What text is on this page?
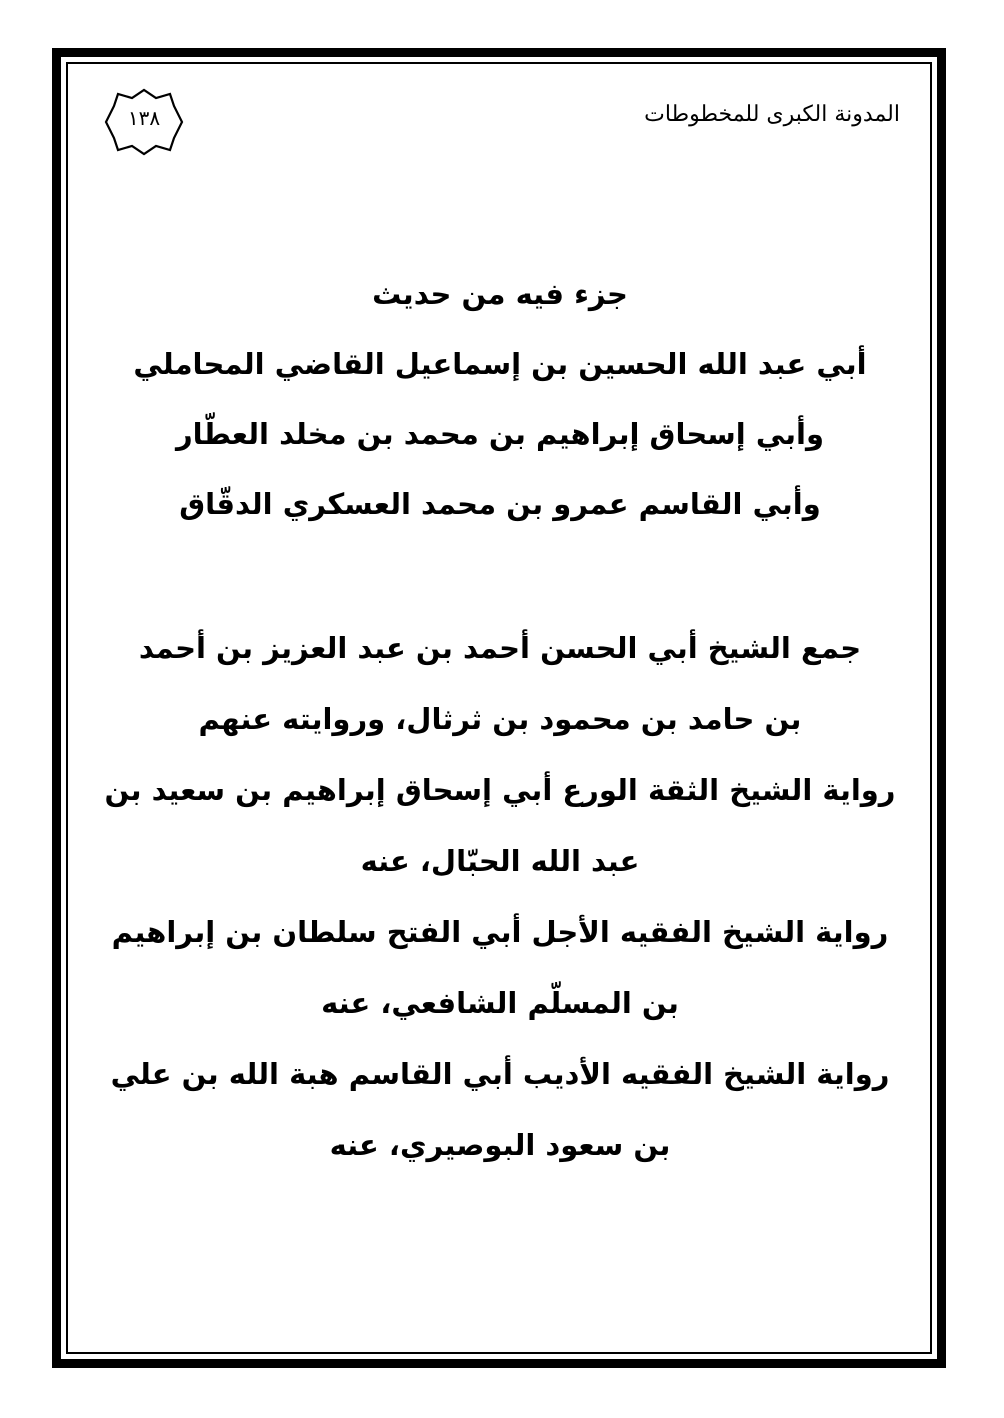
المدونة الكبرى للمخطوطات
١٣٨
جزء فيه من حديث
أبي عبد الله الحسين بن إسماعيل القاضي المحاملي
وأبي إسحاق إبراهيم بن محمد بن مخلد العطّار
وأبي القاسم عمرو بن محمد العسكري الدقّاق
جمع الشيخ أبي الحسن أحمد بن عبد العزيز بن أحمد
بن حامد بن محمود بن ثرثال، وروايته عنهم
رواية الشيخ الثقة الورع أبي إسحاق إبراهيم بن سعيد بن
عبد الله الحبّال، عنه
رواية الشيخ الفقيه الأجل أبي الفتح سلطان بن إبراهيم
بن المسلّم الشافعي، عنه
رواية الشيخ الفقيه الأديب أبي القاسم هبة الله بن علي
بن سعود البوصيري، عنه
